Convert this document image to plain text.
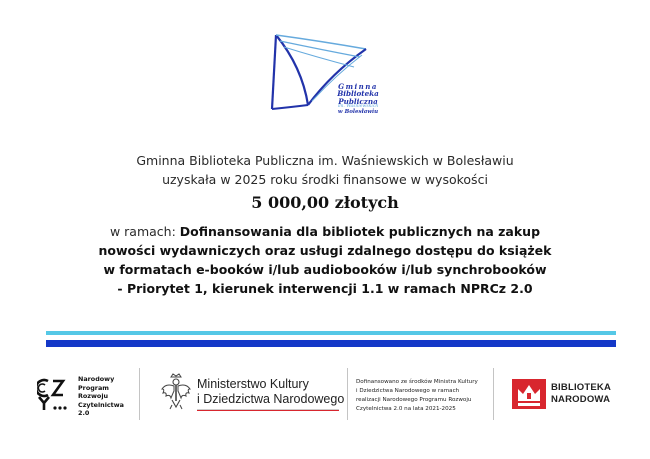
Gminna
Biblioteka
Publiczna
im. Waśniewskich
w Bolesławiu
Gminna Biblioteka Publiczna im. Waśniewskich w Bolesławiu
uzyskała w 2025 roku środki finansowe w wysokości
5 000,00 złotych
w ramach: Dofinansowania dla bibliotek publicznych na zakup
nowości wydawniczych oraz usługi zdalnego dostępu do książek
w formatach e-booków i/lub audiobooków i/lub synchrobooków
- Priorytet 1, kierunek interwencji 1.1 w ramach NPRCz 2.0
Narodowy
Program
Rozwoju
Czytelnictwa
2.0
Ministerstwo Kultury
i Dziedzictwa Narodowego
Dofinansowano ze środków Ministra Kultury
i Dziedzictwa Narodowego w ramach
realizacji Narodowego Programu Rozwoju
Czytelnictwa 2.0 na lata 2021-2025
BIBLIOTEKA
NARODOWA
